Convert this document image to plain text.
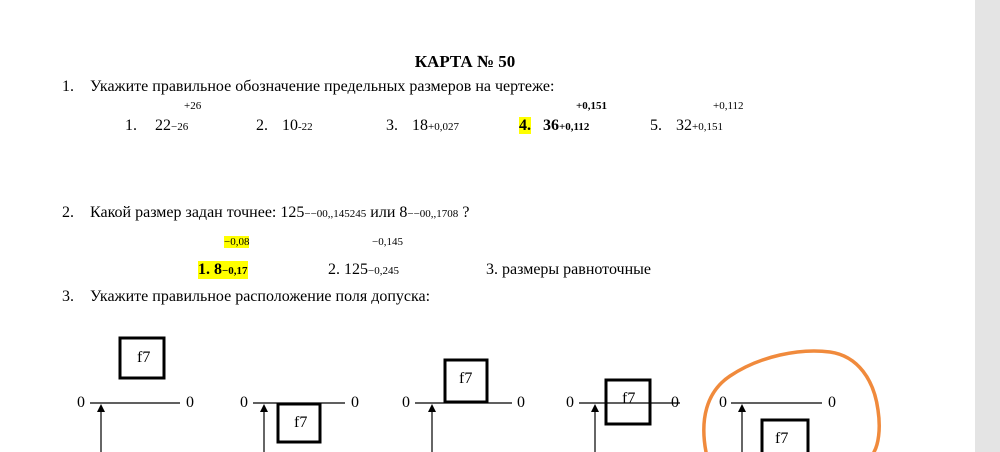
КАРТА № 50
1. Укажите правильное обозначение предельных размеров на чертеже:
+26	+0,151	+0,112
1. 22−26	2. 10-22	3. 18+0,027	4. 36+0,112	5. 32+0,151
2. Какой размер задан точнее: 125−−00,,145245 или 8−−00,,1708 ?
−0,08	−0,145
1. 8−0,17	2. 125−0,245	3. размеры равноточные
3. Укажите правильное расположение поля допуска:
0	0
f7
0	0
f7
0	0
f7
0	0
f7	0	0
f7
